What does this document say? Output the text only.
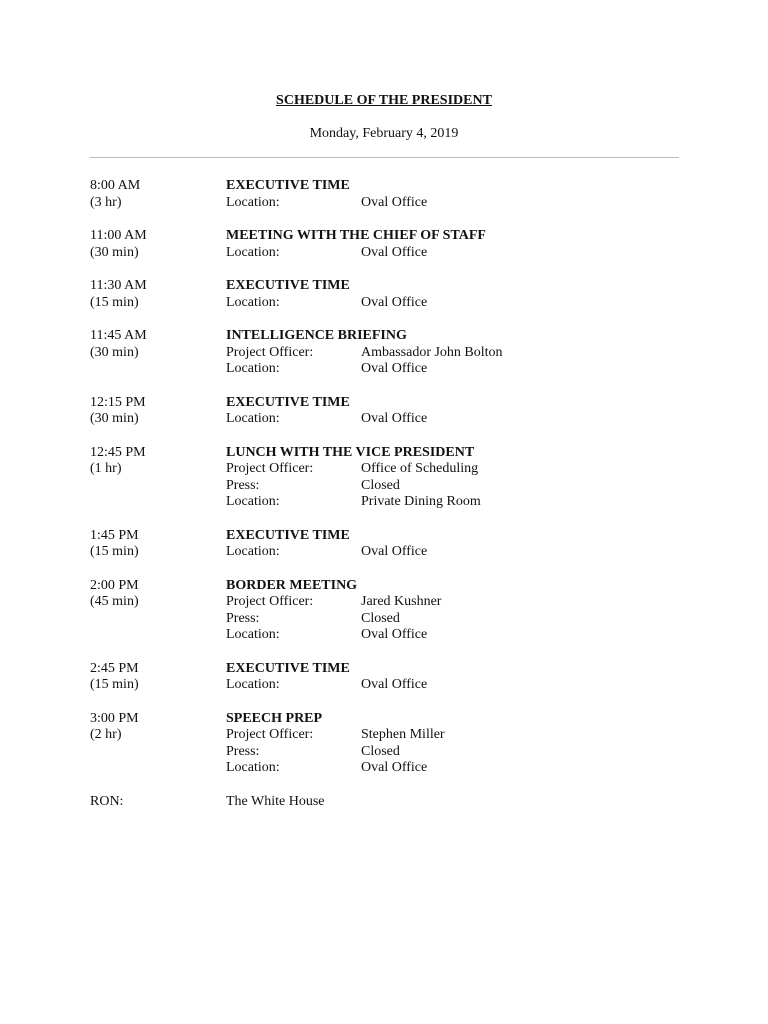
SCHEDULE OF THE PRESIDENT
Monday, February 4, 2019
8:00 AM
(3 hr)
EXECUTIVE TIME
Location:	Oval Office
11:00 AM
(30 min)
MEETING WITH THE CHIEF OF STAFF
Location:	Oval Office
11:30 AM
(15 min)
EXECUTIVE TIME
Location:	Oval Office
11:45 AM
(30 min)
INTELLIGENCE BRIEFING
Project Officer:	Ambassador John Bolton
Location:	Oval Office
12:15 PM
(30 min)
EXECUTIVE TIME
Location:	Oval Office
12:45 PM
(1 hr)
LUNCH WITH THE VICE PRESIDENT
Project Officer:	Office of Scheduling
Press:	Closed
Location:	Private Dining Room
1:45 PM
(15 min)
EXECUTIVE TIME
Location:	Oval Office
2:00 PM
(45 min)
BORDER MEETING
Project Officer:	Jared Kushner
Press:	Closed
Location:	Oval Office
2:45 PM
(15 min)
EXECUTIVE TIME
Location:	Oval Office
3:00 PM
(2 hr)
SPEECH PREP
Project Officer:	Stephen Miller
Press:	Closed
Location:	Oval Office
RON:	The White House
